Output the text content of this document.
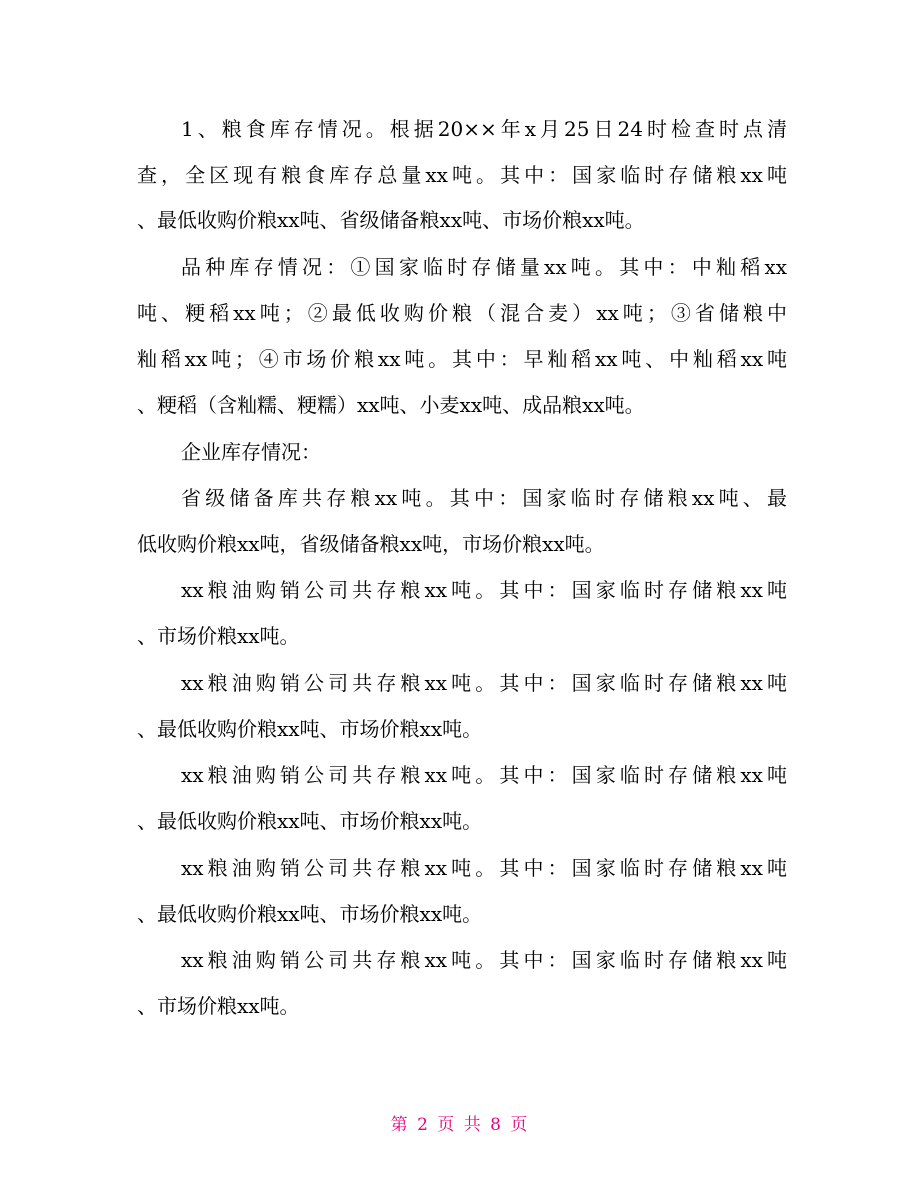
1、粮食库存情况。根据20××年x月25日24时检查时点清
查，全区现有粮食库存总量xx吨。其中：国家临时存储粮xx吨
、最低收购价粮xx吨、省级储备粮xx吨、市场价粮xx吨。
品种库存情况：①国家临时存储量xx吨。其中：中籼稻xx
吨、粳稻xx吨；②最低收购价粮（混合麦）xx吨；③省储粮中
籼稻xx吨；④市场价粮xx吨。其中：早籼稻xx吨、中籼稻xx吨
、粳稻（含籼糯、粳糯）xx吨、小麦xx吨、成品粮xx吨。
企业库存情况：
省级储备库共存粮xx吨。其中：国家临时存储粮xx吨、最
低收购价粮xx吨，省级储备粮xx吨，市场价粮xx吨。
xx粮油购销公司共存粮xx吨。其中：国家临时存储粮xx吨
、市场价粮xx吨。
xx粮油购销公司共存粮xx吨。其中：国家临时存储粮xx吨
、最低收购价粮xx吨、市场价粮xx吨。
xx粮油购销公司共存粮xx吨。其中：国家临时存储粮xx吨
、最低收购价粮xx吨、市场价粮xx吨。
xx粮油购销公司共存粮xx吨。其中：国家临时存储粮xx吨
、最低收购价粮xx吨、市场价粮xx吨。
xx粮油购销公司共存粮xx吨。其中：国家临时存储粮xx吨
、市场价粮xx吨。
第 2 页 共 8 页
